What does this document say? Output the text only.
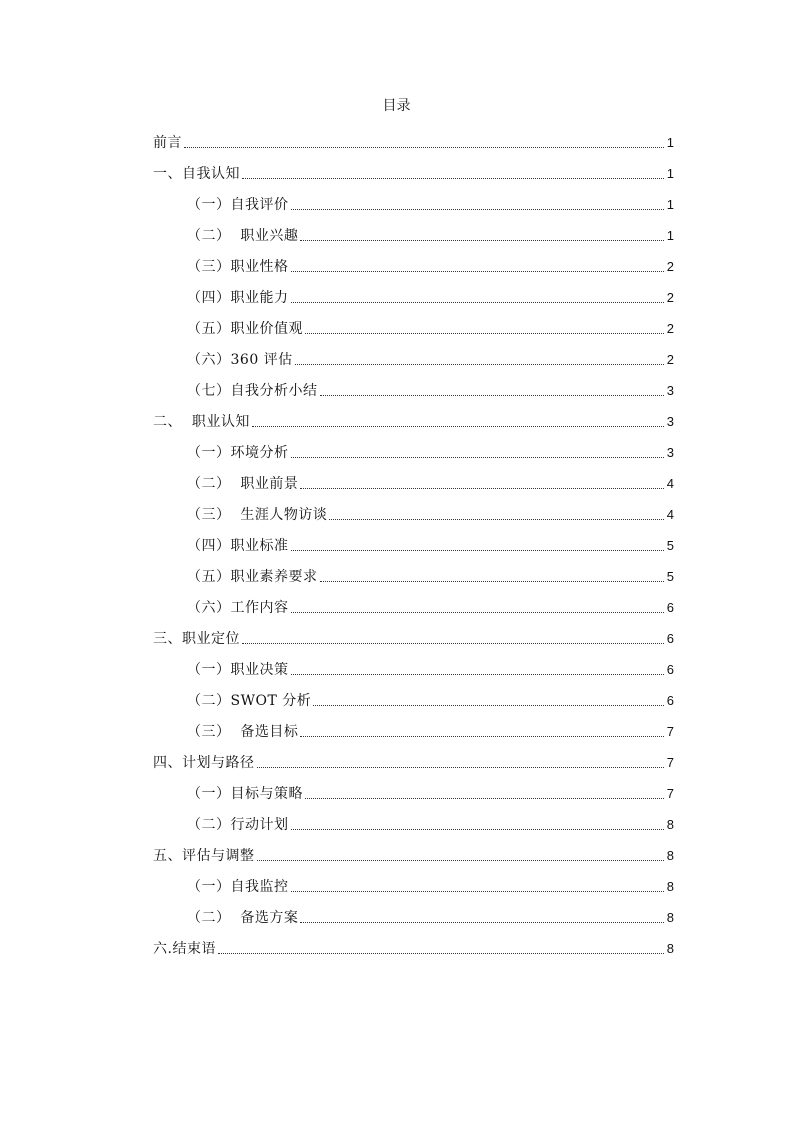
目录
前言	1
一、自我认知	1
（一）自我评价	1
（二）  职业兴趣	1
（三）职业性格	2
（四）职业能力	2
（五）职业价值观	2
（六）360 评估	2
（七）自我分析小结	3
二、  职业认知	3
（一）环境分析	3
（二）  职业前景	4
（三）  生涯人物访谈	4
（四）职业标准	5
（五）职业素养要求	5
（六）工作内容	6
三、职业定位	6
（一）职业决策	6
（二）SWOT 分析	6
（三）  备选目标	7
四、计划与路径	7
（一）目标与策略	7
（二）行动计划	8
五、评估与调整	8
（一）自我监控	8
（二）  备选方案	8
六.结束语	8
